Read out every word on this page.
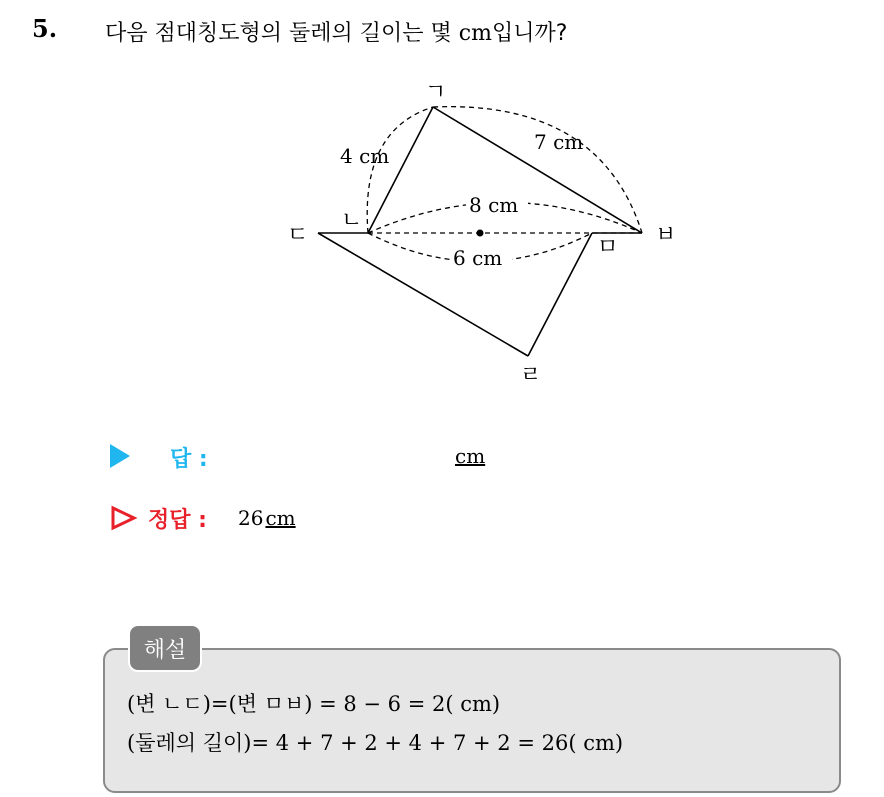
5. 다음 점대칭도형의 둘레의 길이는 몇 cm입니까?
ㄱ
ㄴ
ㄷ
ㄹ
ㅁ ㅂ
4 cm
7 cm
8 cm
6 cm
답 :	cm
정답 : 26 cm
해설
(변 ㄴㄷ)=(변 ㅁㅂ) = 8 − 6 = 2( cm)
(둘레의 길이)= 4 + 7 + 2 + 4 + 7 + 2 = 26( cm)
